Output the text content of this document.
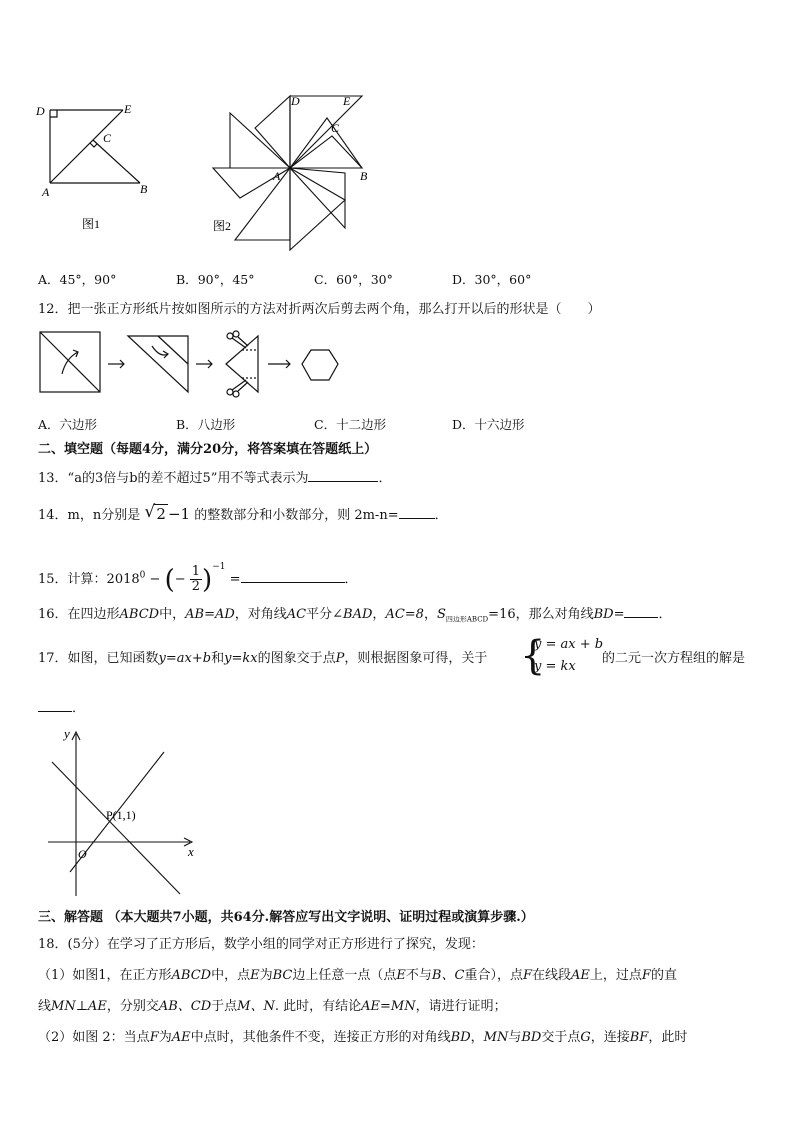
D	E
C
A	B
图1
D	E
C
A	B
图2
A．45°，90°	B．90°，45°	C．60°，30°	D．30°，60°
12．把一张正方形纸片按如图所示的方法对折两次后剪去两个角，那么打开以后的形状是（　　）
A．六边形	B．八边形	C．十二边形	D．十六边形
二、填空题（每题4分，满分20分，将答案填在答题纸上）
13．“a的3倍与b的差不超过5”用不等式表示为	．
14．m，n分别是 √ 2 −1 的整数部分和小数部分，则 2m-n=	．
15．计算：$2018^0$ − (− $\frac{1}{2} )^{-1}$ =	．
16．在四边形ABCD中，AB=AD，对角线AC平分∠BAD，AC=8，$S_{四边形ABCD}=16$，那么对角线BD=	．
17．如图，已知函数y=ax+b和y=kx的图象交于点P，则根据图象可得，关于 {
y = ax + b
y = kx
的二元一次方程组的解是
．
y
x
O
P(1,1)
三、解答题 （本大题共7小题，共64分.解答应写出文字说明、证明过程或演算步骤.）
18．(5分）在学习了正方形后，数学小组的同学对正方形进行了探究，发现：
（1）如图1，在正方形ABCD中，点E为BC边上任意一点（点E不与B、C重合），点F在线段AE上，过点F的直
线MN⊥AE，分别交AB、CD于点M、N. 此时，有结论AE=MN，请进行证明；
（2）如图 2：当点F为AE中点时，其他条件不变，连接正方形的对角线BD，MN与BD交于点G，连接BF，此时
